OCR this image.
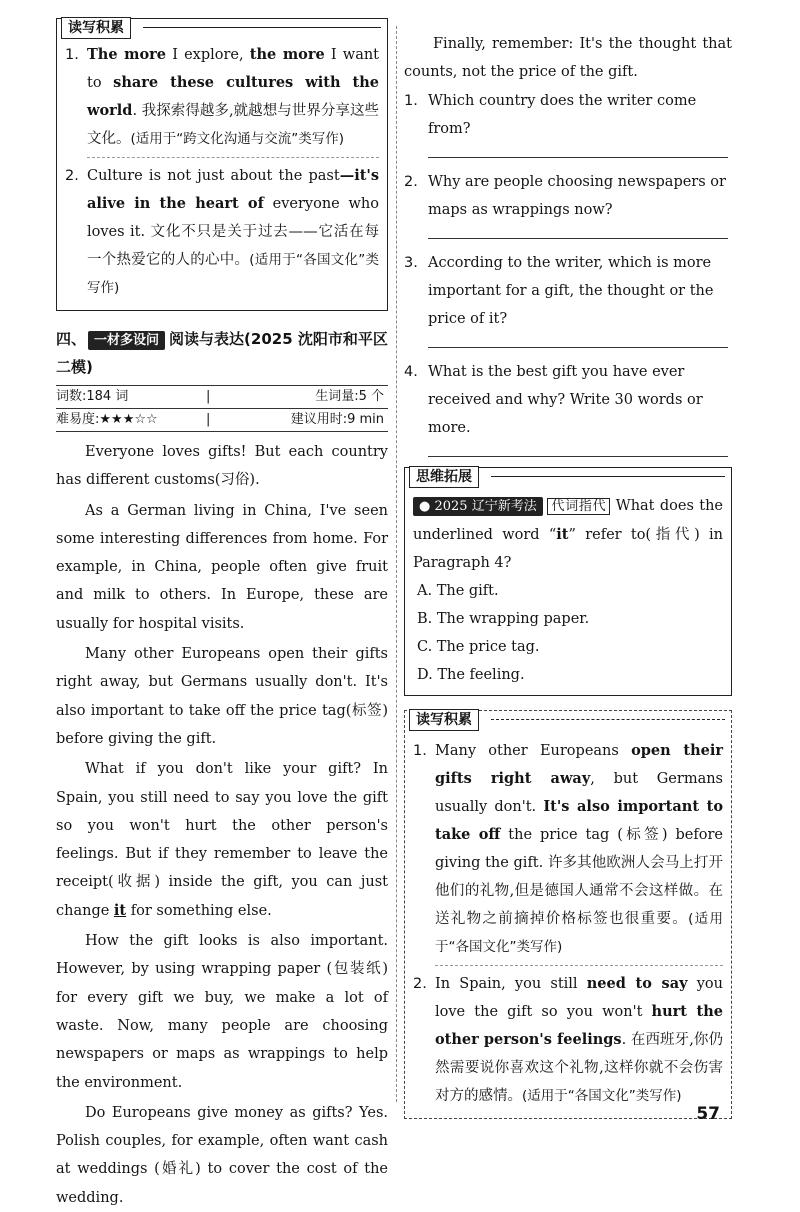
读写积累
1. The more I explore, the more I want to share these cultures with the world. 我探索得越多,就越想与世界分享这些文化。(适用于“跨文化沟通与交流”类写作)
2. Culture is not just about the past—it's alive in the heart of everyone who loves it. 文化不只是关于过去——它活在每一个热爱它的人的心中。(适用于“各国文化”类写作)
四、 一材多设问 阅读与表达(2025 沈阳市和平区二模)
词数:184 词	|	生词量:5 个
难易度:★★★☆☆	|	建议用时:9 min

Everyone loves gifts! But each country has different customs(习俗).

As a German living in China, I've seen some interesting differences from home. For example, in China, people often give fruit and milk to others. In Europe, these are usually for hospital visits.

Many other Europeans open their gifts right away, but Germans usually don't. It's also important to take off the price tag(标签) before giving the gift.

What if you don't like your gift? In Spain, you still need to say you love the gift so you won't hurt the other person's feelings. But if they remember to leave the receipt(收据) inside the gift, you can just change it for something else.

How the gift looks is also important. However, by using wrapping paper (包装纸) for every gift we buy, we make a lot of waste. Now, many people are choosing newspapers or maps as wrappings to help the environment.

Do Europeans give money as gifts? Yes. Polish couples, for example, often want cash at weddings (婚礼) to cover the cost of the wedding.

Finally, remember: It's the thought that counts, not the price of the gift.

1. Which country does the writer come from?
2. Why are people choosing newspapers or maps as wrappings now?
3. According to the writer, which is more important for a gift, the thought or the price of it?
4. What is the best gift you have ever received and why? Write 30 words or more.
思维拓展

● 2025 辽宁新考法 代词指代 What does the underlined word “it” refer to(指代) in Paragraph 4?

A. The gift.
B. The wrapping paper.
C. The price tag.
D. The feeling.
读写积累
1. Many other Europeans open their gifts right away, but Germans usually don't. It's also important to take off the price tag (标签) before giving the gift. 许多其他欧洲人会马上打开他们的礼物,但是德国人通常不会这样做。在送礼物之前摘掉价格标签也很重要。(适用于“各国文化”类写作)
2. In Spain, you still need to say you love the gift so you won't hurt the other person's feelings. 在西班牙,你仍然需要说你喜欢这个礼物,这样你就不会伤害对方的感情。(适用于“各国文化”类写作)
57
